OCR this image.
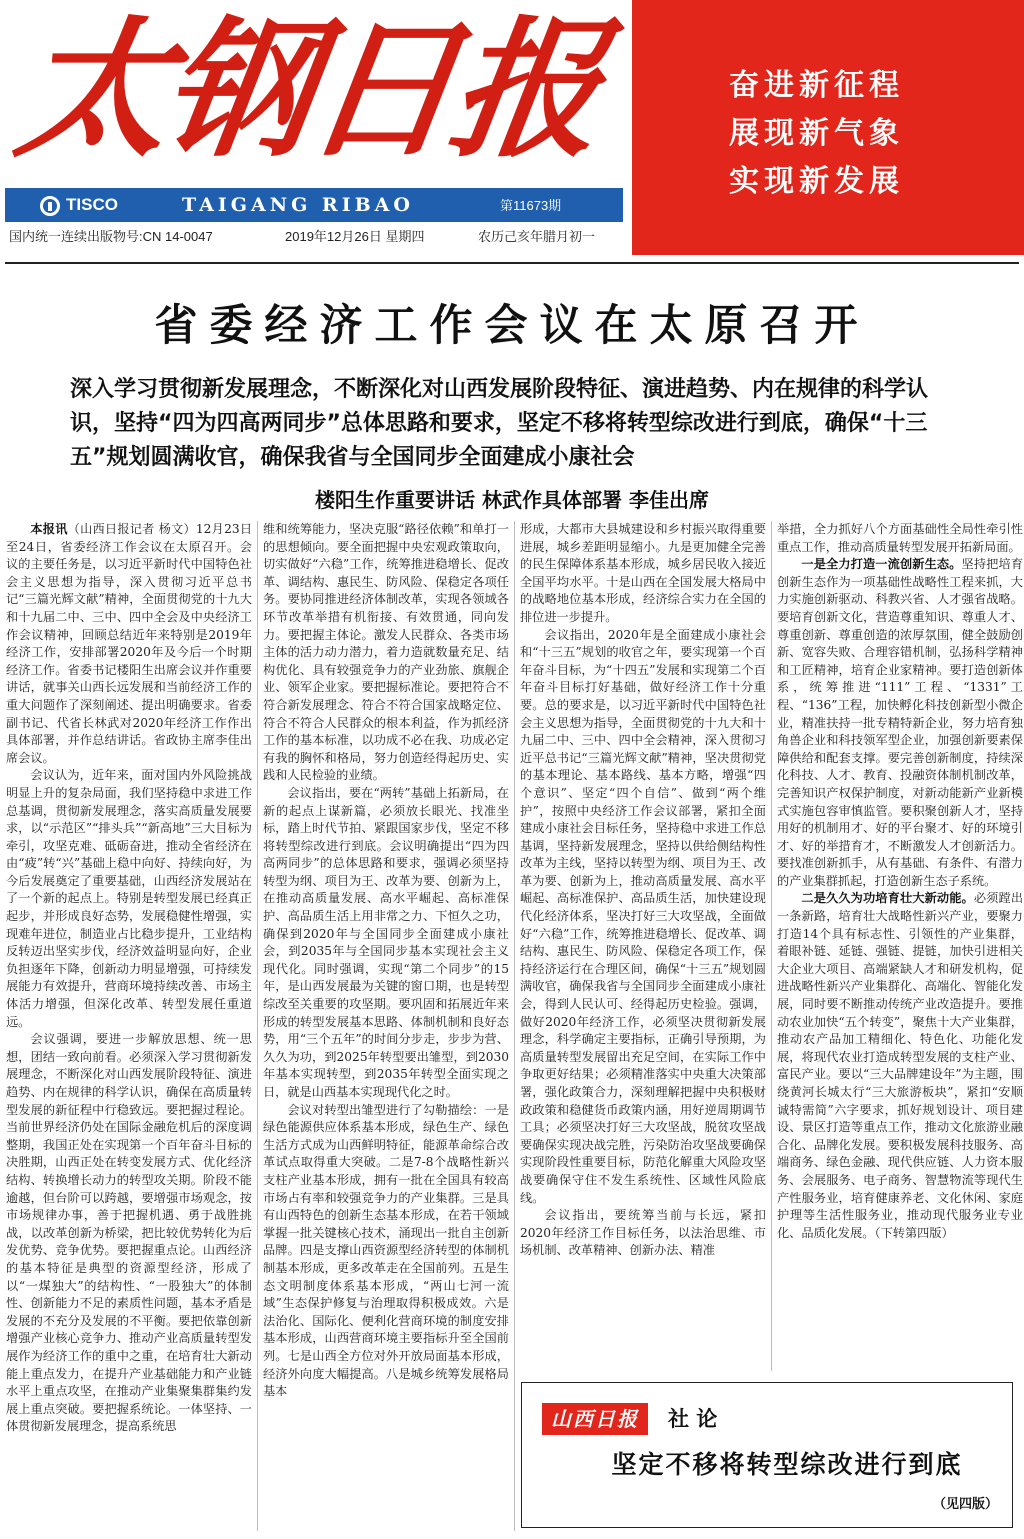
太钢日报
TISCO	TAIGANG RIBAO	第11673期
国内统一连续出版物号:CN 14-0047	2019年12月26日 星期四	农历己亥年腊月初一
奋进新征程
展现新气象
实现新发展
省委经济工作会议在太原召开
深入学习贯彻新发展理念，不断深化对山西发展阶段特征、演进趋势、内在规律的科学认识，坚持“四为四高两同步”总体思路和要求，坚定不移将转型综改进行到底，确保“十三五”规划圆满收官，确保我省与全国同步全面建成小康社会
楼阳生作重要讲话 林武作具体部署 李佳出席

本报讯（山西日报记者 杨文）12月23日至24日，省委经济工作会议在太原召开。会议的主要任务是，以习近平新时代中国特色社会主义思想为指导，深入贯彻习近平总书记“三篇光辉文献”精神，全面贯彻党的十九大和十九届二中、三中、四中全会及中央经济工作会议精神，回顾总结近年来特别是2019年经济工作，安排部署2020年及今后一个时期经济工作。省委书记楼阳生出席会议并作重要讲话，就事关山西长远发展和当前经济工作的重大问题作了深刻阐述、提出明确要求。省委副书记、代省长林武对2020年经济工作作出具体部署，并作总结讲话。省政协主席李佳出席会议。

会议认为，近年来，面对国内外风险挑战明显上升的复杂局面，我们坚持稳中求进工作总基调，贯彻新发展理念，落实高质量发展要求，以“示范区”“排头兵”“新高地”三大目标为牵引，攻坚克难、砥砺奋进，推动全省经济在由“疲”转“兴”基础上稳中向好、持续向好，为今后发展奠定了重要基础，山西经济发展站在了一个新的起点上。特别是转型发展已经真正起步，并形成良好态势，发展稳健性增强，实现难年进位，制造业占比稳步提升，工业结构反转迈出坚实步伐，经济效益明显向好，企业负担逐年下降，创新动力明显增强，可持续发展能力有效提升，营商环境持续改善、市场主体活力增强，但深化改革、转型发展任重道远。

会议强调，要进一步解放思想、统一思想，团结一致向前看。必须深入学习贯彻新发展理念，不断深化对山西发展阶段特征、演进趋势、内在规律的科学认识，确保在高质量转型发展的新征程中行稳致远。要把握过程论。当前世界经济仍处在国际金融危机后的深度调整期，我国正处在实现第一个百年奋斗目标的决胜期，山西正处在转变发展方式、优化经济结构、转换增长动力的转型攻关期。阶段不能逾越，但台阶可以跨越，要增强市场观念，按市场规律办事，善于把握机遇、勇于战胜挑战，以改革创新为桥梁，把比较优势转化为后发优势、竞争优势。要把握重点论。山西经济的基本特征是典型的资源型经济，形成了以“一煤独大”的结构性、“一股独大”的体制性、创新能力不足的素质性问题，基本矛盾是发展的不充分及发展的不平衡。要把依靠创新增强产业核心竞争力、推动产业高质量转型发展作为经济工作的重中之重，在培育壮大新动能上重点发力，在提升产业基础能力和产业链水平上重点攻坚，在推动产业集聚集群集约发展上重点突破。要把握系统论。一体坚持、一体贯彻新发展理念，提高系统思

维和统筹能力，坚决克服“路径依赖”和单打一的思想倾向。要全面把握中央宏观政策取向，切实做好“六稳”工作，统筹推进稳增长、促改革、调结构、惠民生、防风险、保稳定各项任务。要协同推进经济体制改革，实现各领域各环节改革举措有机衔接、有效贯通，同向发力。要把握主体论。激发人民群众、各类市场主体的活力动力潜力，着力造就数量充足、结构优化、具有较强竞争力的产业劲旅、旗舰企业、领军企业家。要把握标准论。要把符合不符合新发展理念、符合不符合国家战略定位、符合不符合人民群众的根本利益，作为抓经济工作的基本标准，以功成不必在我、功成必定有我的胸怀和格局，努力创造经得起历史、实践和人民检验的业绩。

会议指出，要在“两转”基础上拓新局，在新的起点上谋新篇，必须放长眼光、找准坐标，踏上时代节拍、紧跟国家步伐，坚定不移将转型综改进行到底。会议明确提出“四为四高两同步”的总体思路和要求，强调必须坚持转型为纲、项目为王、改革为要、创新为上，在推动高质量发展、高水平崛起、高标准保护、高品质生活上用非常之力、下恒久之功，确保到2020年与全国同步全面建成小康社会，到2035年与全国同步基本实现社会主义现代化。同时强调，实现“第二个同步”的15年，是山西发展最为关键的窗口期，也是转型综改至关重要的攻坚期。要巩固和拓展近年来形成的转型发展基本思路、体制机制和良好态势，用“三个五年”的时间分步走，步步为营、久久为功，到2025年转型要出雏型，到2030年基本实现转型，到2035年转型全面实现之日，就是山西基本实现现代化之时。

会议对转型出雏型进行了勾勒描绘：一是绿色能源供应体系基本形成，绿色生产、绿色生活方式成为山西鲜明特征，能源革命综合改革试点取得重大突破。二是7-8个战略性新兴支柱产业基本形成，拥有一批在全国具有较高市场占有率和较强竞争力的产业集群。三是具有山西特色的创新生态基本形成，在若干领域掌握一批关键核心技术，涌现出一批自主创新品牌。四是支撑山西资源型经济转型的体制机制基本形成，更多改革走在全国前列。五是生态文明制度体系基本形成，“两山七河一流域”生态保护修复与治理取得积极成效。六是法治化、国际化、便利化营商环境的制度安排基本形成，山西营商环境主要指标升至全国前列。七是山西全方位对外开放局面基本形成，经济外向度大幅提高。八是城乡统筹发展格局基本

形成，大都市大县城建设和乡村振兴取得重要进展，城乡差距明显缩小。九是更加健全完善的民生保障体系基本形成，城乡居民收入接近全国平均水平。十是山西在全国发展大格局中的战略地位基本形成，经济综合实力在全国的排位进一步提升。

会议指出，2020年是全面建成小康社会和“十三五”规划的收官之年，要实现第一个百年奋斗目标，为“十四五”发展和实现第二个百年奋斗目标打好基础，做好经济工作十分重要。总的要求是，以习近平新时代中国特色社会主义思想为指导，全面贯彻党的十九大和十九届二中、三中、四中全会精神，深入贯彻习近平总书记“三篇光辉文献”精神，坚决贯彻党的基本理论、基本路线、基本方略，增强“四个意识”、坚定“四个自信”、做到“两个维护”，按照中央经济工作会议部署，紧扣全面建成小康社会目标任务，坚持稳中求进工作总基调，坚持新发展理念，坚持以供给侧结构性改革为主线，坚持以转型为纲、项目为王、改革为要、创新为上，推动高质量发展、高水平崛起、高标准保护、高品质生活，加快建设现代化经济体系，坚决打好三大攻坚战，全面做好“六稳”工作，统筹推进稳增长、促改革、调结构、惠民生、防风险、保稳定各项工作，保持经济运行在合理区间，确保“十三五”规划圆满收官，确保我省与全国同步全面建成小康社会，得到人民认可、经得起历史检验。强调，做好2020年经济工作，必须坚决贯彻新发展理念，科学确定主要指标，正确引导预期，为高质量转型发展留出充足空间，在实际工作中争取更好结果；必须精准落实中央重大决策部署，强化政策合力，深刻理解把握中央积极财政政策和稳健货币政策内涵，用好逆周期调节工具；必须坚决打好三大攻坚战，脱贫攻坚战要确保实现决战完胜，污染防治攻坚战要确保实现阶段性重要目标，防范化解重大风险攻坚战要确保守住不发生系统性、区域性风险底线。

会议指出，要统筹当前与长远，紧扣2020年经济工作目标任务，以法治思维、市场机制、改革精神、创新办法、精准

举措，全力抓好八个方面基础性全局性牵引性重点工作，推动高质量转型发展开拓新局面。

一是全力打造一流创新生态。坚持把培育创新生态作为一项基础性战略性工程来抓，大力实施创新驱动、科教兴省、人才强省战略。要培育创新文化，营造尊重知识、尊重人才、尊重创新、尊重创造的浓厚氛围，健全鼓励创新、宽容失败、合理容错机制，弘扬科学精神和工匠精神，培育企业家精神。要打造创新体系，统筹推进“111”工程、“1331”工程、“136”工程，加快孵化科技创新型小微企业，精准扶持一批专精特新企业，努力培育独角兽企业和科技领军型企业，加强创新要素保障供给和配套支撑。要完善创新制度，持续深化科技、人才、教育、投融资体制机制改革，完善知识产权保护制度，对新动能新产业新模式实施包容审慎监管。要积聚创新人才，坚持用好的机制用才、好的平台聚才、好的环境引才、好的举措育才，不断激发人才创新活力。要找准创新抓手，从有基础、有条件、有潜力的产业集群抓起，打造创新生态子系统。

二是久久为功培育壮大新动能。必须蹚出一条新路，培育壮大战略性新兴产业，要聚力打造14个具有标志性、引领性的产业集群，着眼补链、延链、强链、提链，加快引进相关大企业大项目、高端紧缺人才和研发机构，促进战略性新兴产业集群化、高端化、智能化发展，同时要不断推动传统产业改造提升。要推动农业加快“五个转变”，聚焦十大产业集群，推动农产品加工精细化、特色化、功能化发展，将现代农业打造成转型发展的支柱产业、富民产业。要以“三大品牌建设年”为主题，围绕黄河长城太行“三大旅游板块”，紧扣“安顺诚特需简”六字要求，抓好规划设计、项目建设、景区打造等重点工作，推动文化旅游业融合化、品牌化发展。要积极发展科技服务、高端商务、绿色金融、现代供应链、人力资本服务、会展服务、电子商务、智慧物流等现代生产性服务业，培育健康养老、文化休闲、家庭护理等生活性服务业，推动现代服务业专业化、品质化发展。（下转第四版）

山西日报	社 论
坚定不移将转型综改进行到底
（见四版）
